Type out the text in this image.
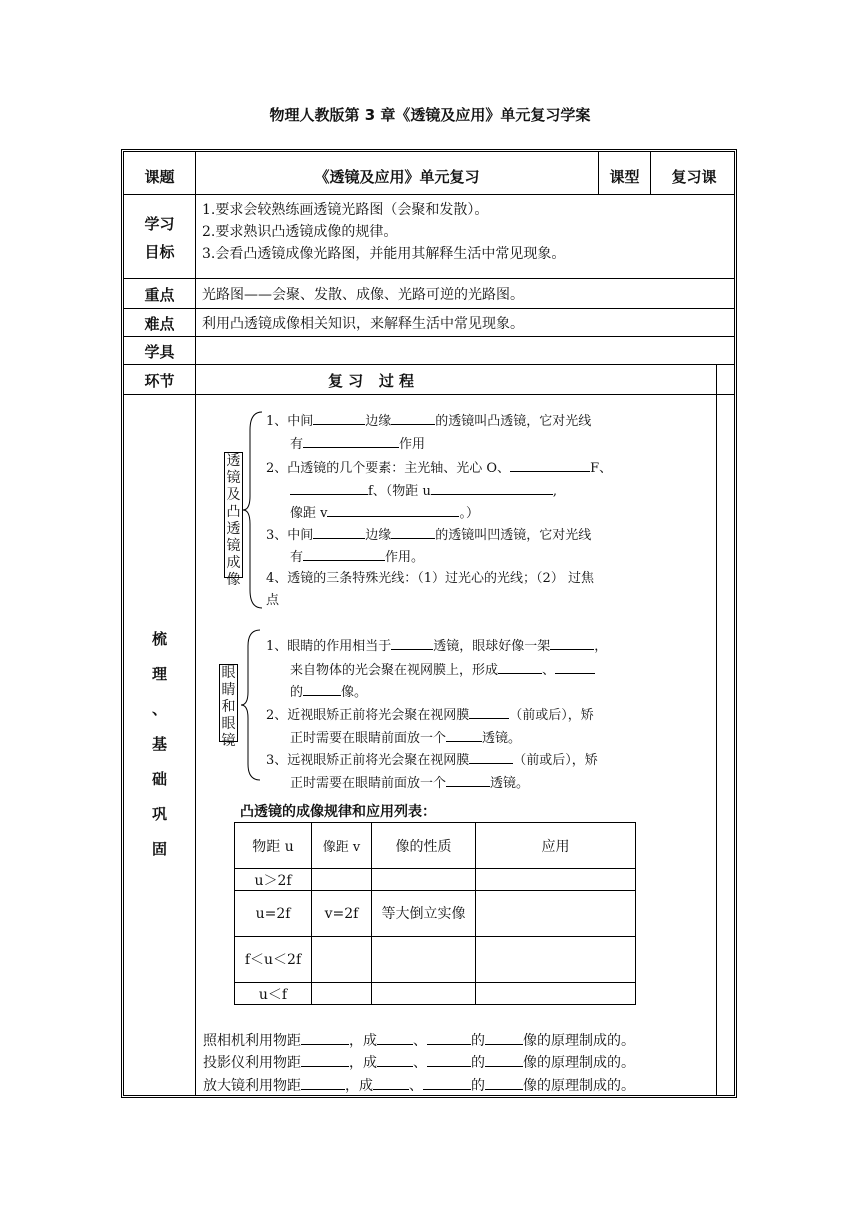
物理人教版第 3 章《透镜及应用》单元复习学案
课题	《透镜及应用》单元复习	课型	复习课
学习
目标
1.要求会较熟练画透镜光路图（会聚和发散）。
2.要求熟识凸透镜成像的规律。
3.会看凸透镜成像光路图，并能用其解释生活中常见现象。
重点	光路图——会聚、发散、成像、光路可逆的光路图。
难点	利用凸透镜成像相关知识，来解释生活中常见现象。
学具
环节	复 习   过 程
梳
理
、
基
础
巩
固
透镜及凸透镜成像
1、中间	边缘	的透镜叫凸透镜，它对光线
有	作用
2、凸透镜的几个要素：主光轴、光心 O、	F、
f、（物距 u	,
像距 v	。）
3、中间	边缘	的透镜叫凹透镜，它对光线
有	作用。
4、透镜的三条特殊光线：（1）过光心的光线；（2） 过焦
点
眼睛和眼镜
1、眼睛的作用相当于	透镜，眼球好像一架	，
来自物体的光会聚在视网膜上，形成	、
的	像。
2、近视眼矫正前将光会聚在视网膜	（前或后），矫
正时需要在眼睛前面放一个	透镜。
3、远视眼矫正前将光会聚在视网膜	（前或后），矫
正时需要在眼睛前面放一个	透镜。
凸透镜的成像规律和应用列表：
物距 u	像距 v	像的性质	应用
u＞2f			
u=2f	v=2f	等大倒立实像	
f＜u＜2f			
u＜f			
照相机利用物距	，成	、	的	像的原理制成的。
投影仪利用物距	，成	、	的	像的原理制成的。
放大镜利用物距	，成	、	的	像的原理制成的。
